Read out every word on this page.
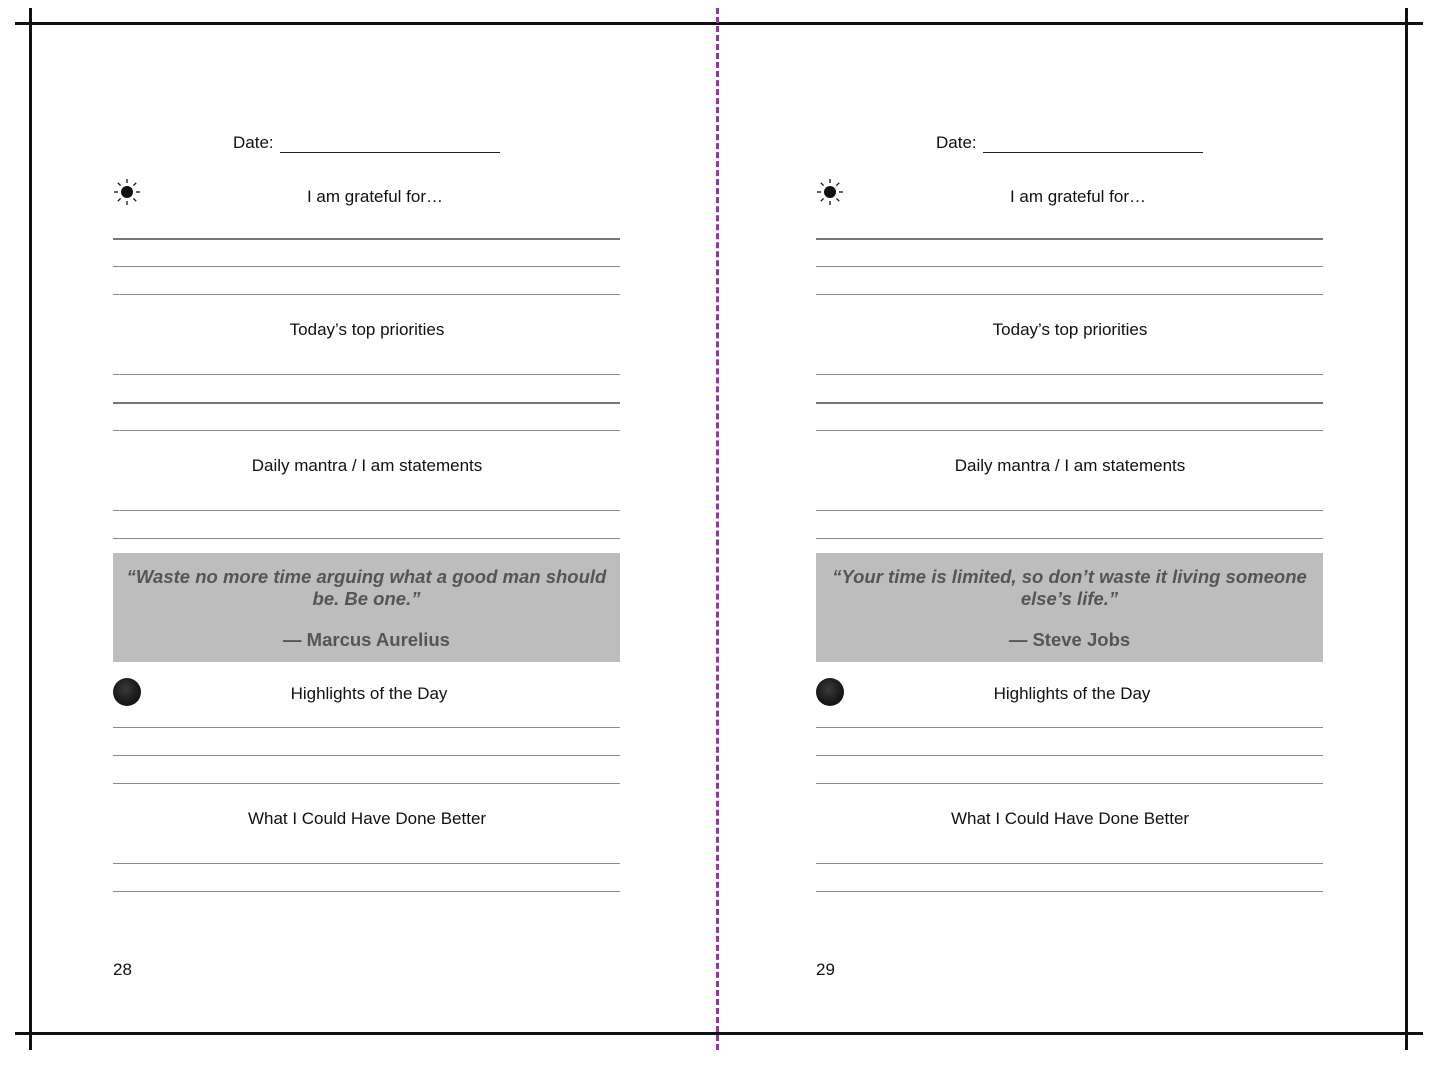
Date:
I am grateful for…
Today’s top priorities
Daily mantra / I am statements
“Waste no more time arguing what a good man should be. Be one.”
— Marcus Aurelius
Highlights of the Day
What I Could Have Done Better
28
Date:
I am grateful for…
Today’s top priorities
Daily mantra / I am statements
“Your time is limited, so don’t waste it living someone else’s life.”
— Steve Jobs
Highlights of the Day
What I Could Have Done Better
29
